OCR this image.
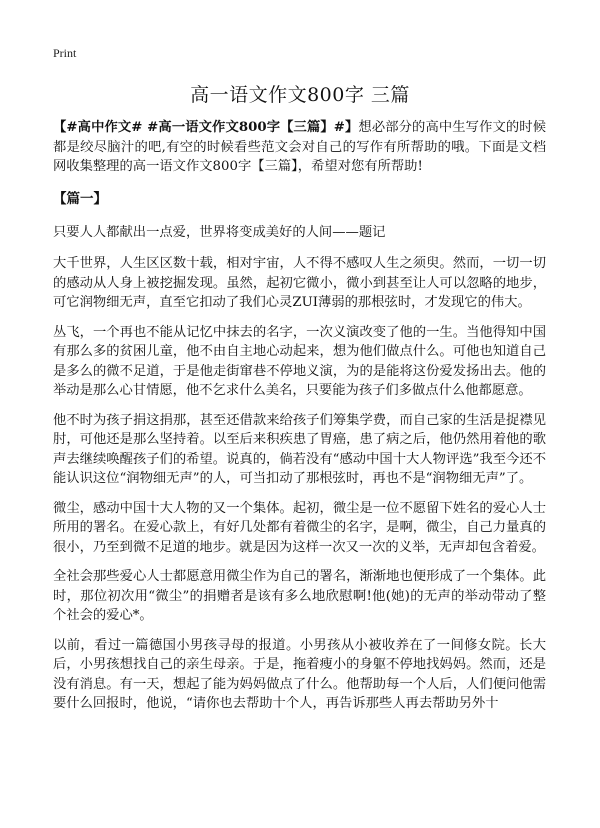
Print
高一语文作文800字 三篇

【#高中作文# #高一语文作文800字【三篇】#】想必部分的高中生写作文的时候都是绞尽脑汁的吧,有空的时候看些范文会对自己的写作有所帮助的哦。下面是文档网收集整理的高一语文作文800字【三篇】，希望对您有所帮助!

【篇一】

只要人人都献出一点爱，世界将变成美好的人间——题记

大千世界，人生区区数十载，相对宇宙，人不得不感叹人生之须臾。然而，一切一切的感动从人身上被挖掘发现。虽然，起初它微小，微小到甚至让人可以忽略的地步，可它润物细无声，直至它扣动了我们心灵ZUI薄弱的那根弦时，才发现它的伟大。

丛飞，一个再也不能从记忆中抹去的名字，一次义演改变了他的一生。当他得知中国有那么多的贫困儿童，他不由自主地心动起来，想为他们做点什么。可他也知道自己是多么的微不足道，于是他走街窜巷不停地义演，为的是能将这份爱发扬出去。他的举动是那么心甘情愿，他不乞求什么美名，只要能为孩子们多做点什么他都愿意。

他不时为孩子捐这捐那，甚至还借款来给孩子们筹集学费，而自己家的生活是捉襟见肘，可他还是那么坚持着。以至后来积疾患了胃癌，患了病之后，他仍然用着他的歌声去继续唤醒孩子们的希望。说真的，倘若没有“感动中国十大人物评选”我至今还不能认识这位“润物细无声”的人，可当扣动了那根弦时，再也不是“润物细无声”了。

微尘，感动中国十大人物的又一个集体。起初，微尘是一位不愿留下姓名的爱心人士所用的署名。在爱心款上，有好几处都有着微尘的名字，是啊，微尘，自己力量真的很小，乃至到微不足道的地步。就是因为这样一次又一次的义举，无声却包含着爱。

全社会那些爱心人士都愿意用微尘作为自己的署名，渐渐地也便形成了一个集体。此时，那位初次用“微尘”的捐赠者是该有多么地欣慰啊!他(她)的无声的举动带动了整个社会的爱心*。

以前，看过一篇德国小男孩寻母的报道。小男孩从小被收养在了一间修女院。长大后，小男孩想找自己的亲生母亲。于是，拖着瘦小的身躯不停地找妈妈。然而，还是没有消息。有一天，想起了能为妈妈做点了什么。他帮助每一个人后，人们便问他需要什么回报时，他说，“请你也去帮助十个人，再告诉那些人再去帮助另外十
